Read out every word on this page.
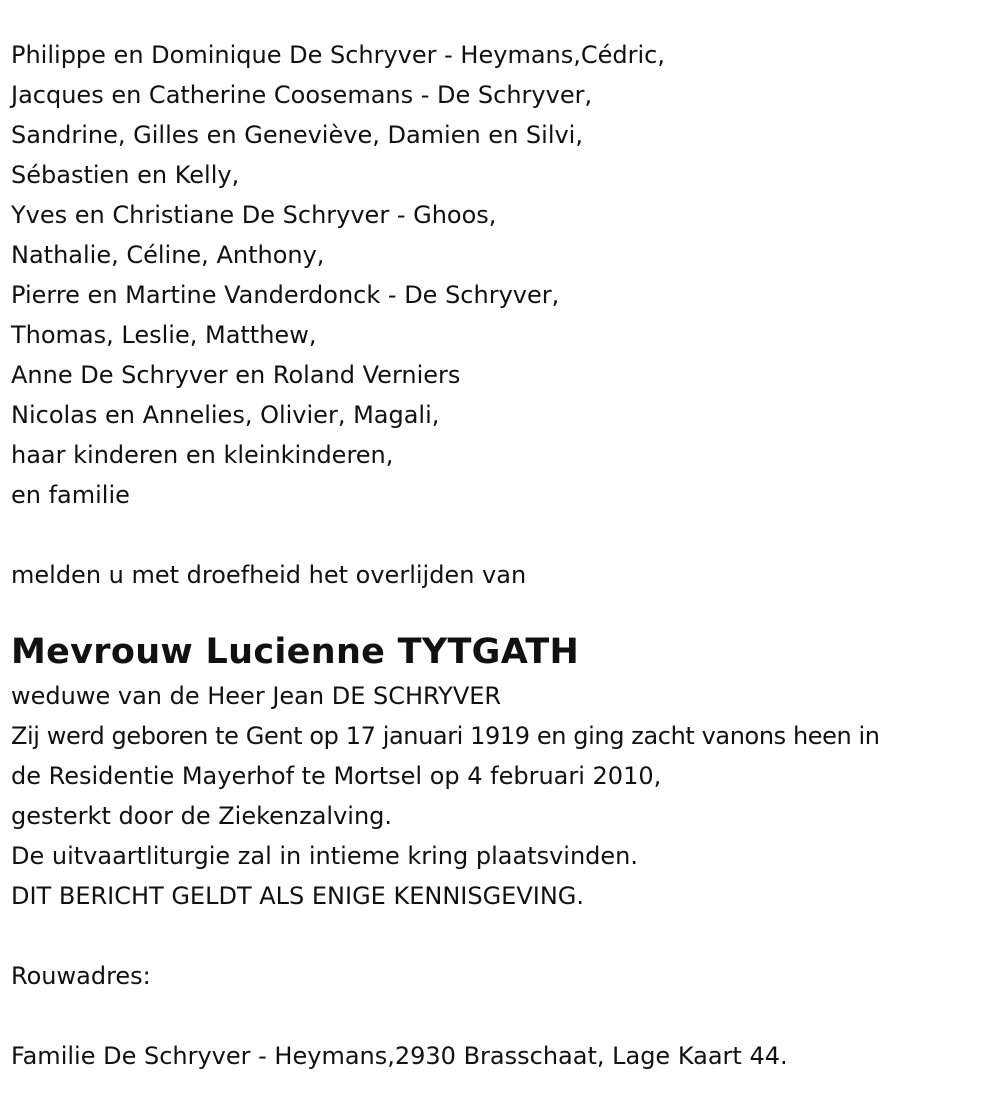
Philippe en Dominique De Schryver - Heymans,Cédric,

Jacques en Catherine Coosemans - De Schryver,

Sandrine, Gilles en Geneviève, Damien en Silvi,

Sébastien en Kelly,

Yves en Christiane De Schryver - Ghoos,

Nathalie, Céline, Anthony,

Pierre en Martine Vanderdonck - De Schryver,

Thomas, Leslie, Matthew,

Anne De Schryver en Roland Verniers

Nicolas en Annelies, Olivier, Magali,

haar kinderen en kleinkinderen,

en familie

melden u met droefheid het overlijden van

Mevrouw Lucienne TYTGATH

weduwe van de Heer Jean DE SCHRYVER

Zij werd geboren te Gent op 17 januari 1919 en ging zacht vanons heen in

de Residentie Mayerhof te Mortsel op 4 februari 2010,

gesterkt door de Ziekenzalving.

De uitvaartliturgie zal in intieme kring plaatsvinden.

DIT BERICHT GELDT ALS ENIGE KENNISGEVING.

Rouwadres:

Familie De Schryver - Heymans,2930 Brasschaat, Lage Kaart 44.
